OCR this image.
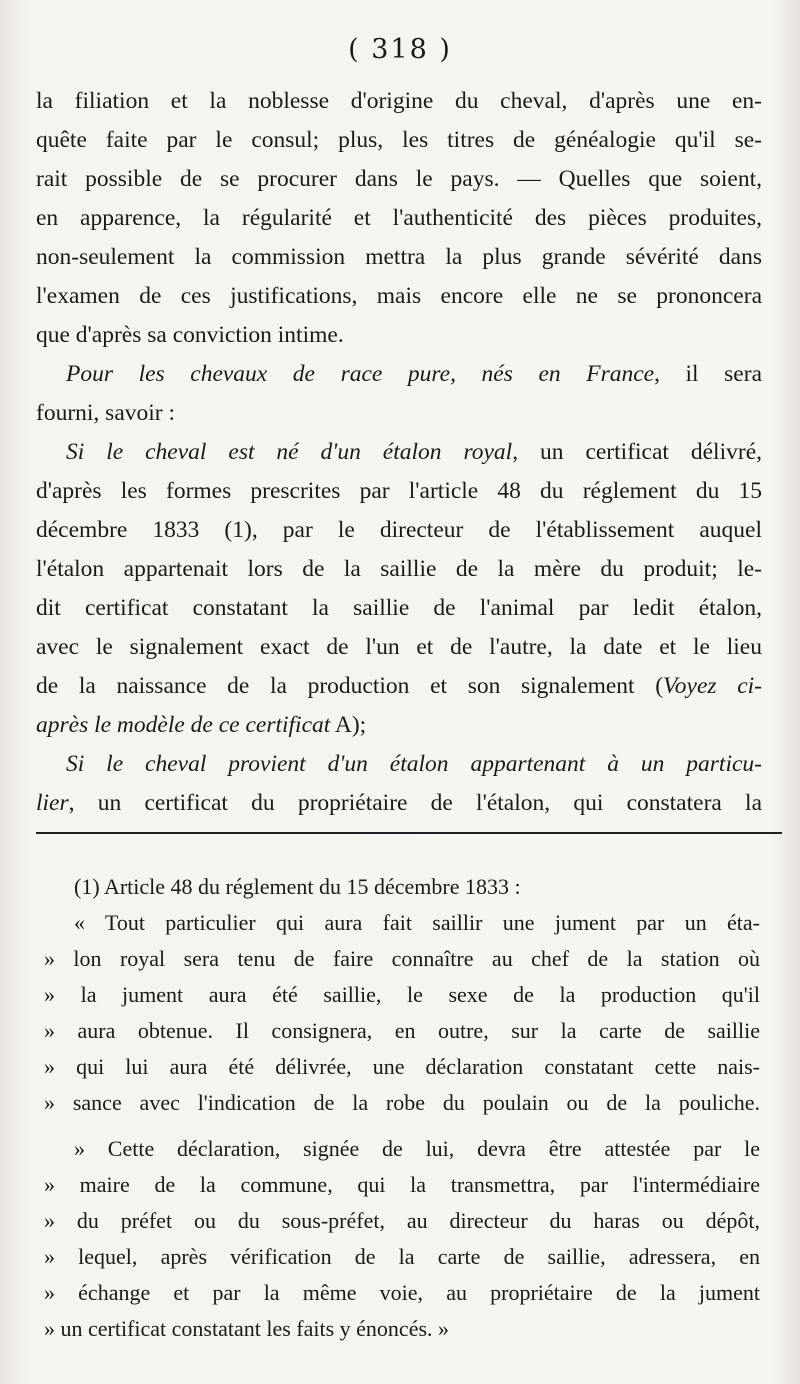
( 318 )
la filiation et la noblesse d'origine du cheval, d'après une en-
quête faite par le consul; plus, les titres de généalogie qu'il se-
rait possible de se procurer dans le pays. — Quelles que soient,
en apparence, la régularité et l'authenticité des pièces produites,
non-seulement la commission mettra la plus grande sévérité dans
l'examen de ces justifications, mais encore elle ne se prononcera
que d'après sa conviction intime.
Pour les chevaux de race pure, nés en France, il sera
fourni, savoir :
Si le cheval est né d'un étalon royal, un certificat délivré,
d'après les formes prescrites par l'article 48 du réglement du 15
décembre 1833 (1), par le directeur de l'établissement auquel
l'étalon appartenait lors de la saillie de la mère du produit; le-
dit certificat constatant la saillie de l'animal par ledit étalon,
avec le signalement exact de l'un et de l'autre, la date et le lieu
de la naissance de la production et son signalement (Voyez ci-
après le modèle de ce certificat A);
Si le cheval provient d'un étalon appartenant à un particu-
lier, un certificat du propriétaire de l'étalon, qui constatera la
(1) Article 48 du réglement du 15 décembre 1833 :
« Tout particulier qui aura fait saillir une jument par un éta-
» lon royal sera tenu de faire connaître au chef de la station où
» la jument aura été saillie, le sexe de la production qu'il
» aura obtenue. Il consignera, en outre, sur la carte de saillie
» qui lui aura été délivrée, une déclaration constatant cette nais-
» sance avec l'indication de la robe du poulain ou de la pouliche.
» Cette déclaration, signée de lui, devra être attestée par le
» maire de la commune, qui la transmettra, par l'intermédiaire
» du préfet ou du sous-préfet, au directeur du haras ou dépôt,
» lequel, après vérification de la carte de saillie, adressera, en
» échange et par la même voie, au propriétaire de la jument
» un certificat constatant les faits y énoncés. »
